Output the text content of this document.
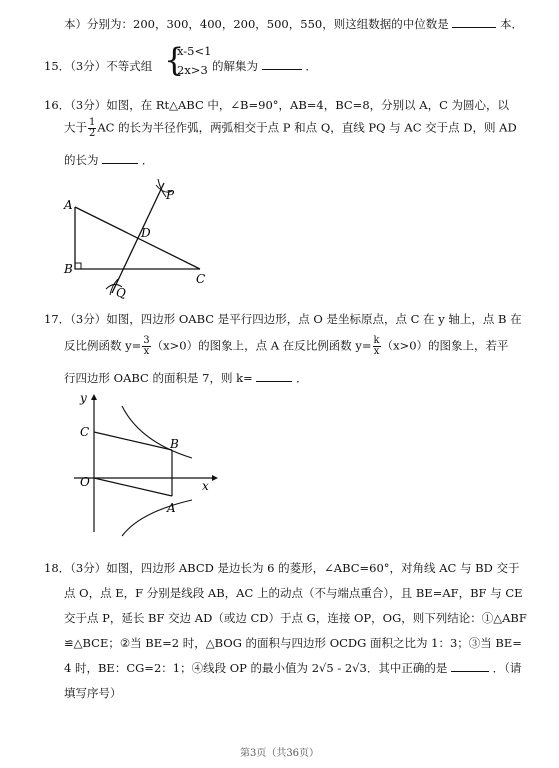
本）分别为：200，300，400，200，500，550，则这组数据的中位数是	本．
15．（3分）不等式组 {
x-5<1
2x>3 的解集为	．
16．（3分）如图，在 Rt△ABC 中，∠B=90°，AB=4，BC=8，分别以 A，C 为圆心，以
大于 $\frac{1}{2}$ AC 的长为半径作弧，两弧相交于点 P 和点 Q，直线 PQ 与 AC 交于点 D，则 AD
的长为	．
A
B
C
D
P
Q
17．（3分）如图，四边形 OABC 是平行四边形，点 O 是坐标原点，点 C 在 y 轴上，点 B 在
反比例函数 $y= \frac{3}{x} (x>0)$的图象上，点 A 在反比例函数 $y= \frac{k}{x} (x>0)$的图象上，若平
行四边形 OABC 的面积是 7，则 k=	．
y
x
O
C
B
A
18．（3分）如图，四边形 ABCD 是边长为 6 的菱形，∠ABC=60°，对角线 AC 与 BD 交于
点 O，点 E，F 分别是线段 AB，AC 上的动点（不与端点重合），且 BE=AF，BF 与 CE
交于点 P，延长 BF 交边 AD（或边 CD）于点 G，连接 OP，OG，则下列结论：①△ABF
≌△BCE；②当 BE=2 时，△BOG 的面积与四边形 OCDG 面积之比为 1：3；③当 BE=
4 时，BE：CG=2：1；④线段 OP 的最小值为 2√5 - 2√3．其中正确的是	．（请
填写序号）
第3页（共36页）
